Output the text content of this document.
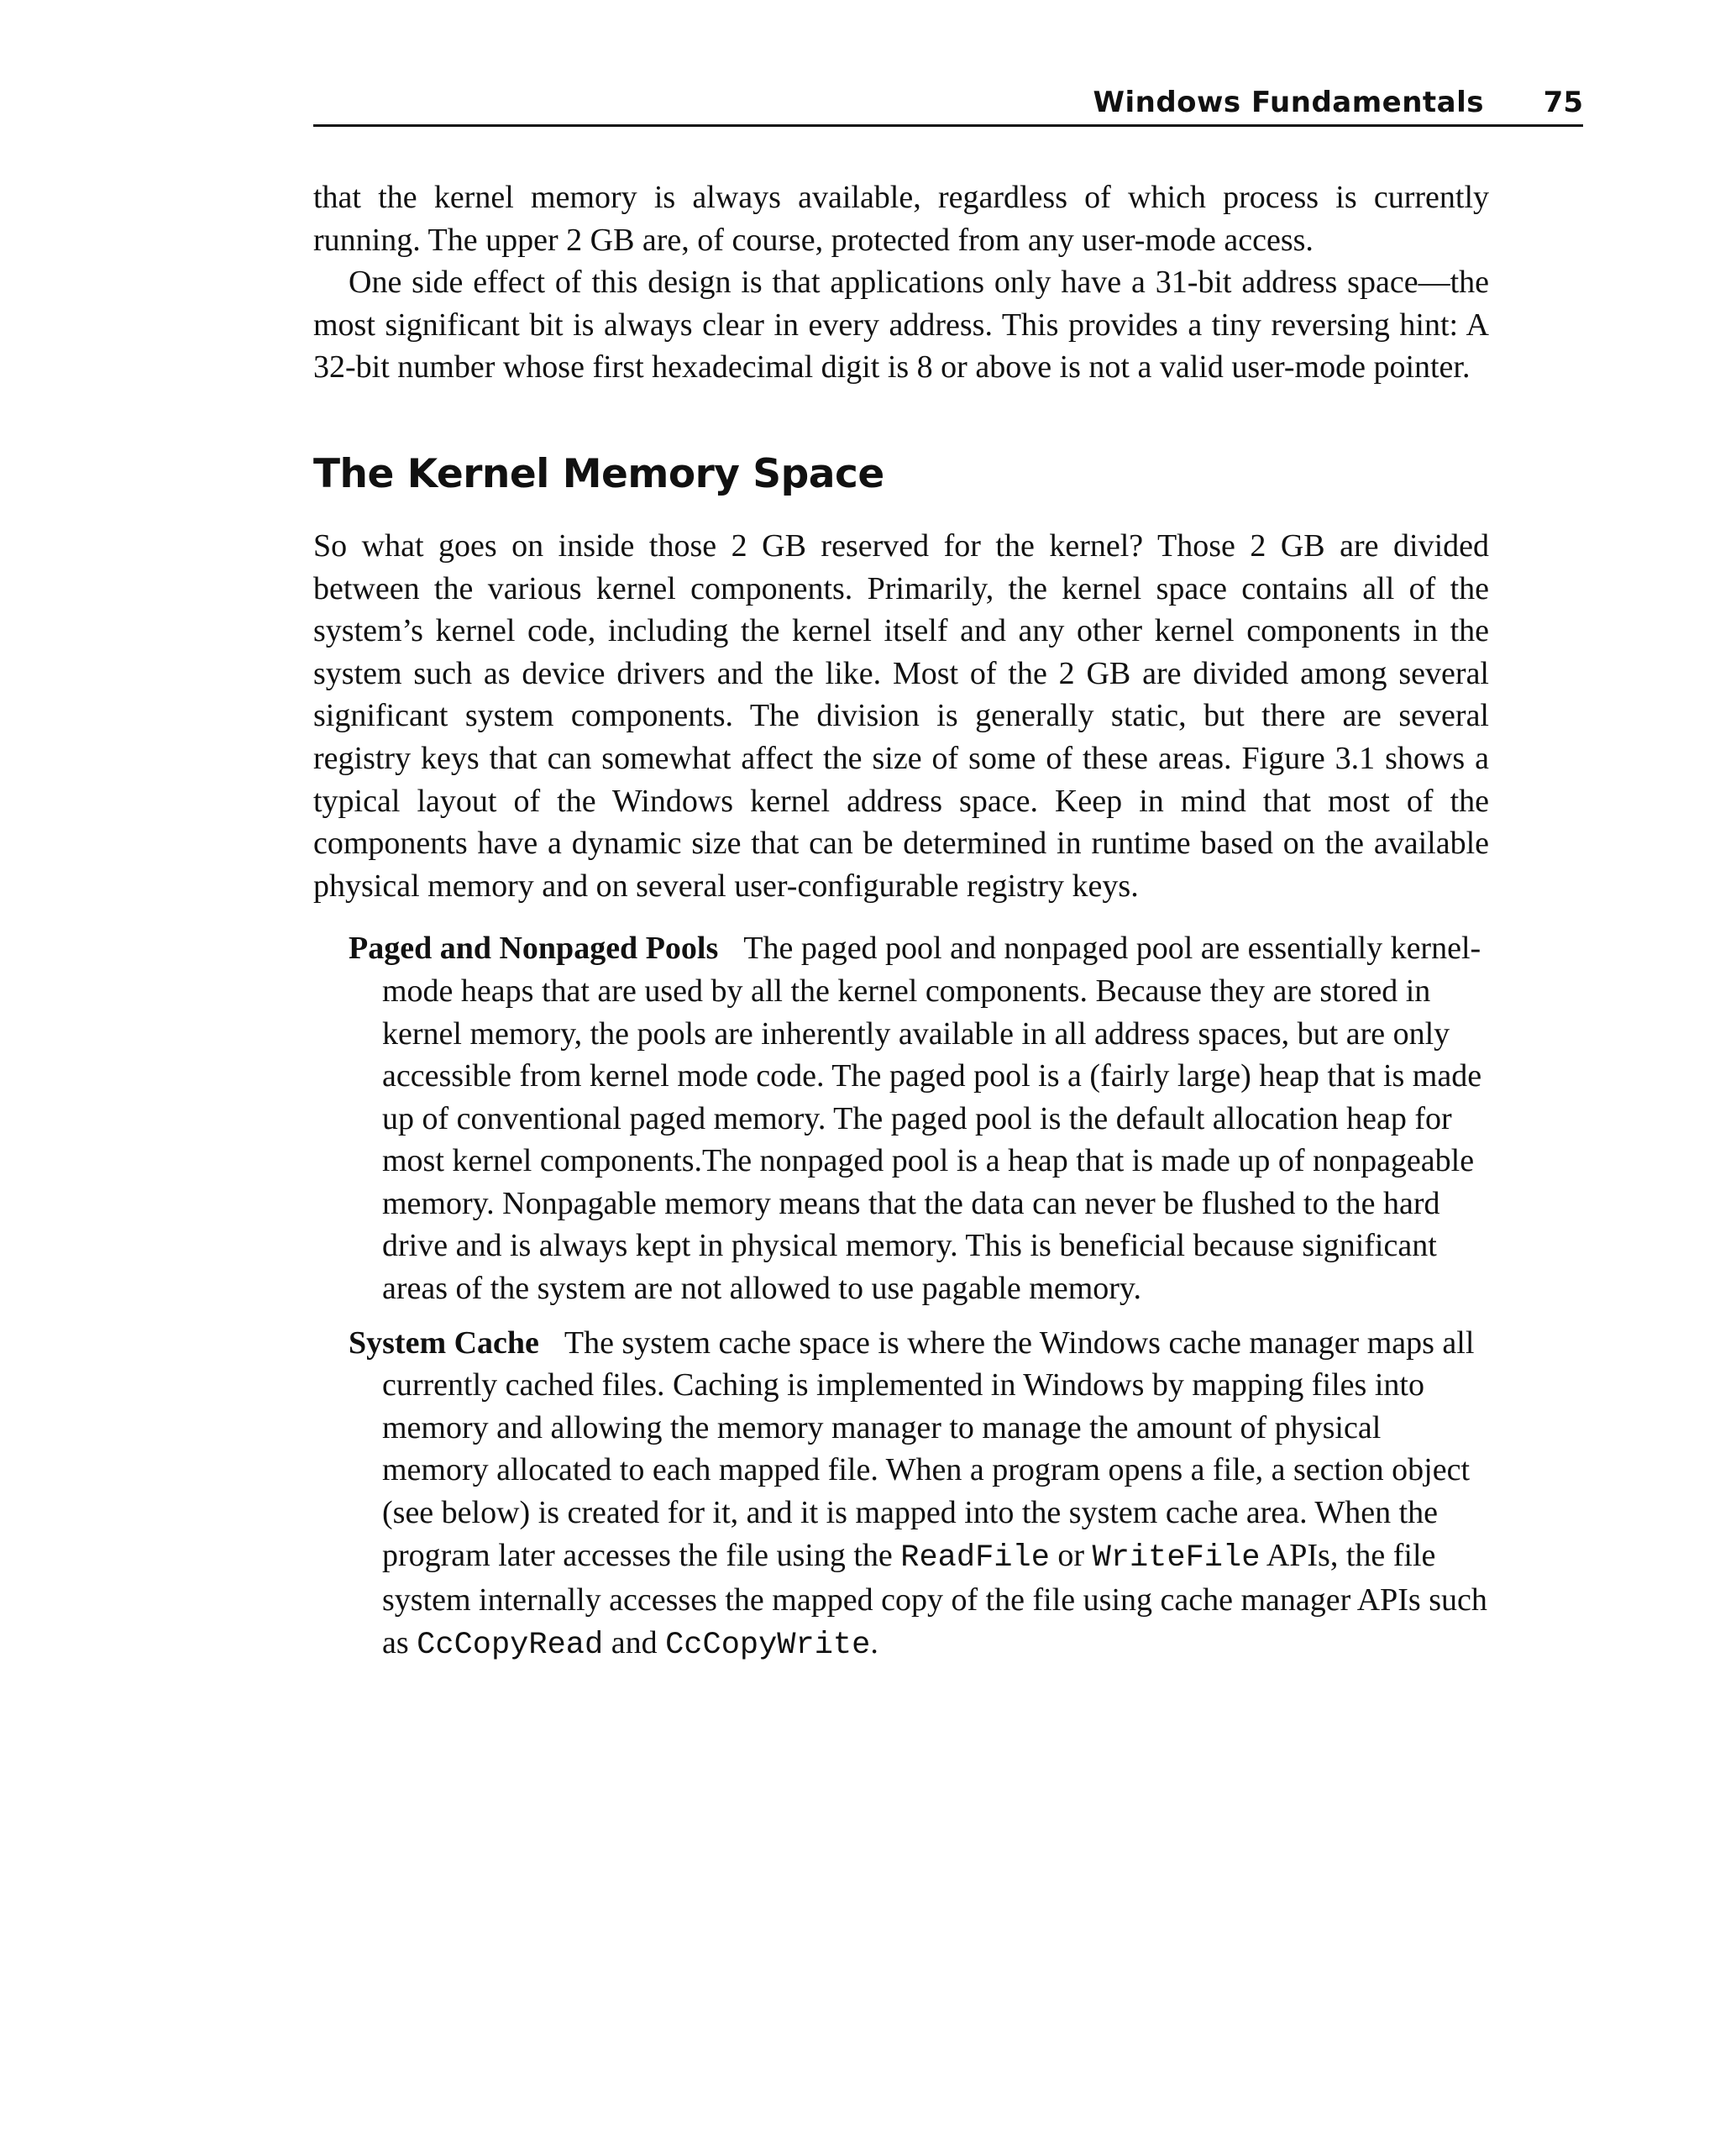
Windows Fundamentals 75

that the kernel memory is always available, regardless of which process is currently running. The upper 2 GB are, of course, protected from any user-mode access.

One side effect of this design is that applications only have a 31-bit address space—the most significant bit is always clear in every address. This provides a tiny reversing hint: A 32-bit number whose first hexadecimal digit is 8 or above is not a valid user-mode pointer.

The Kernel Memory Space

So what goes on inside those 2 GB reserved for the kernel? Those 2 GB are divided between the various kernel components. Primarily, the kernel space contains all of the system’s kernel code, including the kernel itself and any other kernel components in the system such as device drivers and the like. Most of the 2 GB are divided among several significant system components. The division is generally static, but there are several registry keys that can somewhat affect the size of some of these areas. Figure 3.1 shows a typical layout of the Windows kernel address space. Keep in mind that most of the components have a dynamic size that can be determined in runtime based on the available physical memory and on several user-configurable registry keys.

Paged and Nonpaged Pools The paged pool and nonpaged pool are essentially kernel-mode heaps that are used by all the kernel components. Because they are stored in kernel memory, the pools are inherently available in all address spaces, but are only accessible from kernel mode code. The paged pool is a (fairly large) heap that is made up of conventional paged memory. The paged pool is the default allocation heap for most kernel components.The nonpaged pool is a heap that is made up of nonpageable memory. Nonpagable memory means that the data can never be flushed to the hard drive and is always kept in physical memory. This is beneficial because significant areas of the system are not allowed to use pagable memory.

System Cache The system cache space is where the Windows cache manager maps all currently cached files. Caching is implemented in Windows by mapping files into memory and allowing the memory manager to manage the amount of physical memory allocated to each mapped file. When a program opens a file, a section object (see below) is created for it, and it is mapped into the system cache area. When the program later accesses the file using the ReadFile or WriteFile APIs, the file system internally accesses the mapped copy of the file using cache manager APIs such as CcCopyRead and CcCopyWrite.
